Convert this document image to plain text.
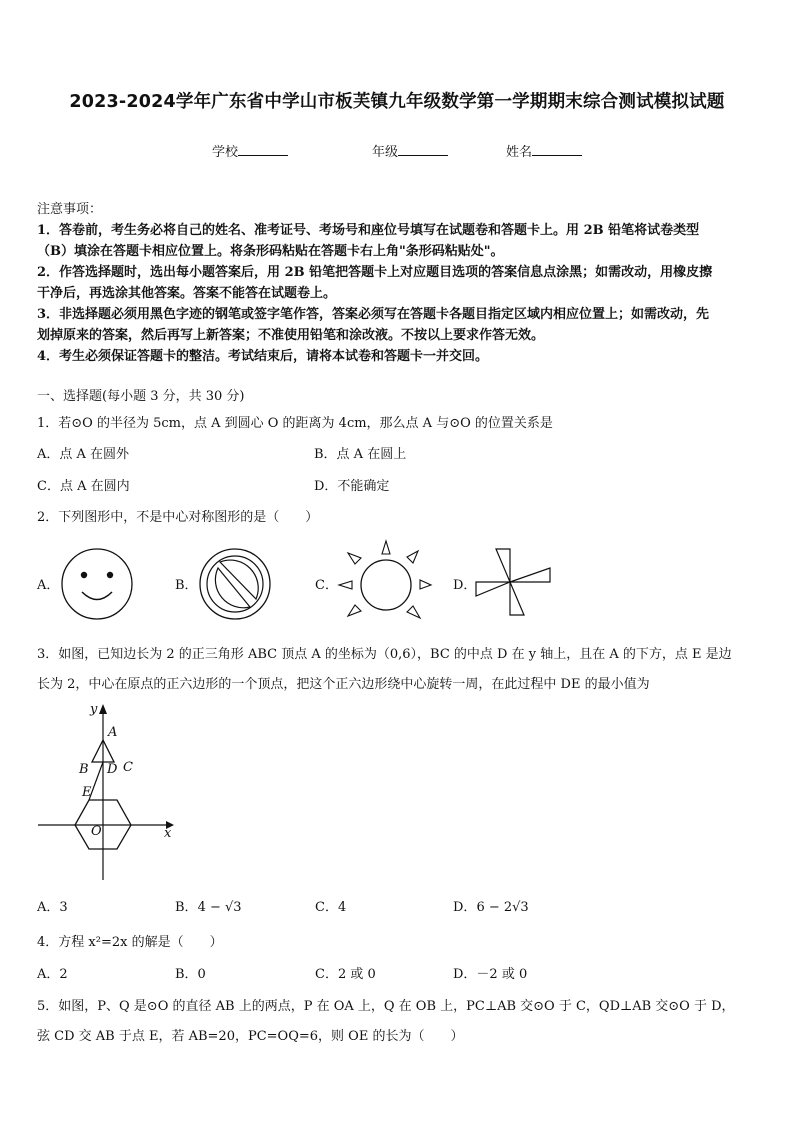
2023-2024学年广东省中学山市板芙镇九年级数学第一学期期末综合测试模拟试题
学校	年级	姓名
注意事项：
1．答卷前，考生务必将自己的姓名、准考证号、考场号和座位号填写在试题卷和答题卡上。用 2B 铅笔将试卷类型
（B）填涂在答题卡相应位置上。将条形码粘贴在答题卡右上角"条形码粘贴处"。
2．作答选择题时，选出每小题答案后，用 2B 铅笔把答题卡上对应题目选项的答案信息点涂黑；如需改动，用橡皮擦
干净后，再选涂其他答案。答案不能答在试题卷上。
3．非选择题必须用黑色字迹的钢笔或签字笔作答，答案必须写在答题卡各题目指定区域内相应位置上；如需改动，先
划掉原来的答案，然后再写上新答案；不准使用铅笔和涂改液。不按以上要求作答无效。
4．考生必须保证答题卡的整洁。考试结束后，请将本试卷和答题卡一并交回。
一、选择题(每小题 3 分，共 30 分)
1．若⊙O 的半径为 5cm，点 A 到圆心 O 的距离为 4cm，那么点 A 与⊙O 的位置关系是
A．点 A 在圆外	B．点 A 在圆上
C．点 A 在圆内	D．不能确定
2．下列图形中，不是中心对称图形的是（　　）
A．	B．	C．	D．
3．如图，已知边长为 2 的正三角形 ABC 顶点 A 的坐标为（0,6），BC 的中点 D 在 y 轴上，且在 A 的下方，点 E 是边
长为 2，中心在原点的正六边形的一个顶点，把这个正六边形绕中心旋转一周，在此过程中 DE 的最小值为
y
x
A
B D C
E
O
A．3	B．4 − √3	C．4	D．6 − 2√3
4．方程 x²=2x 的解是（　　）
A．2	B．0	C．2 或 0	D．－2 或 0
5．如图，P、Q 是⊙O 的直径 AB 上的两点，P 在 OA 上，Q 在 OB 上，PC⊥AB 交⊙O 于 C，QD⊥AB 交⊙O 于 D，
弦 CD 交 AB 于点 E，若 AB=20，PC=OQ=6，则 OE 的长为（　　）
